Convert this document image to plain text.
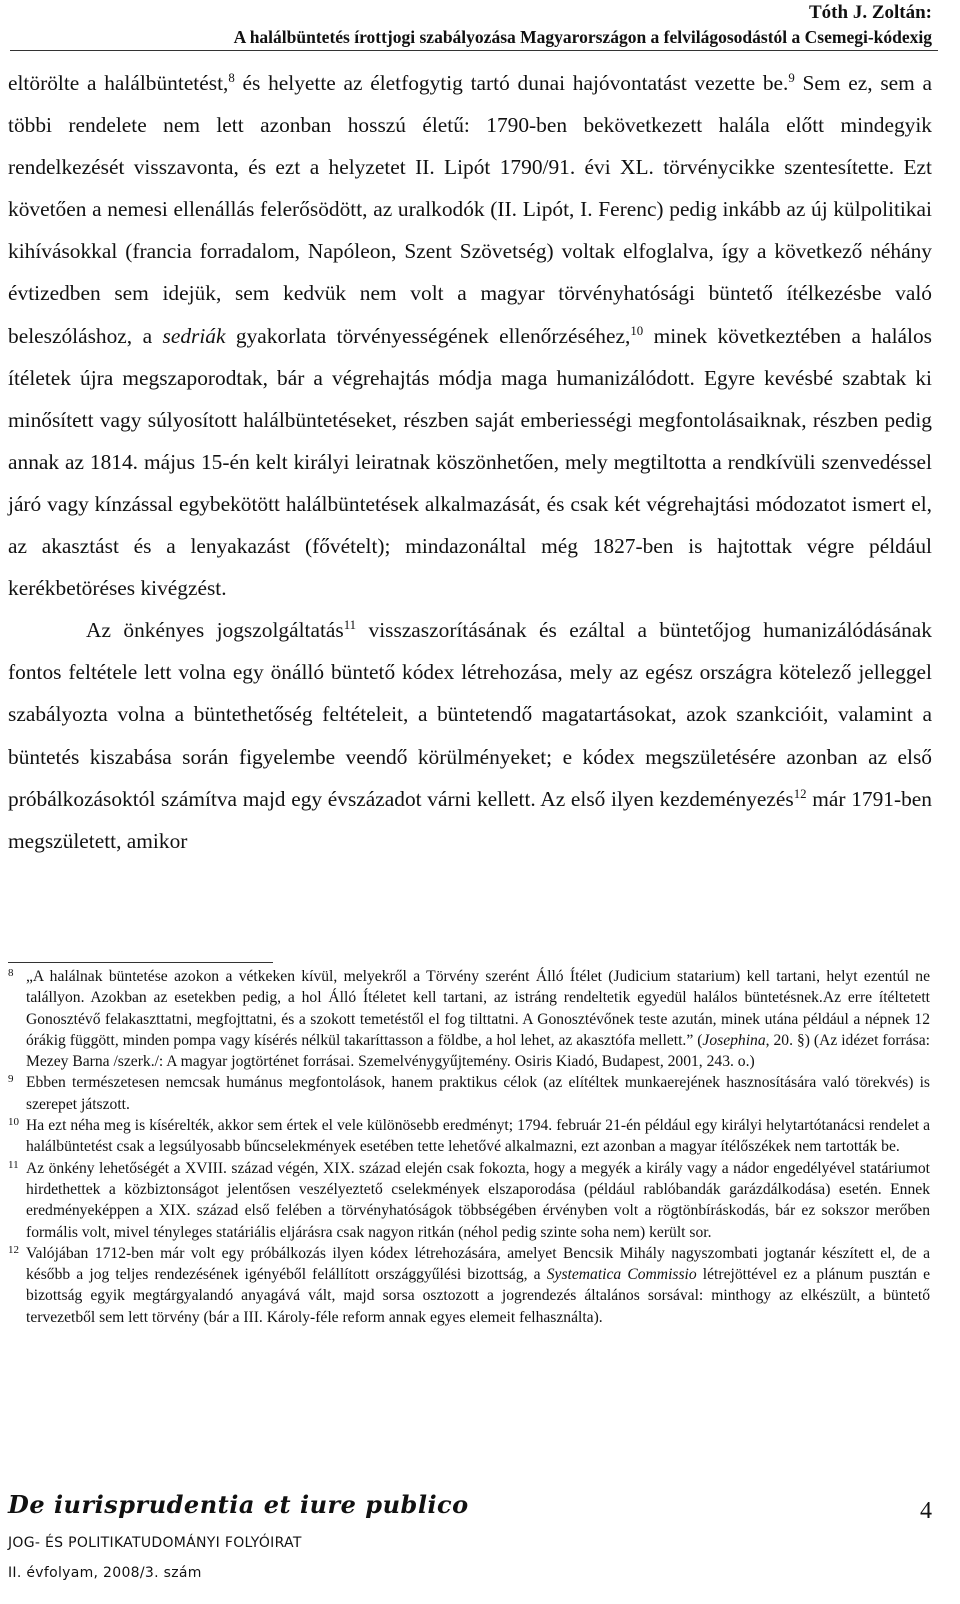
Tóth J. Zoltán:
A halálbüntetés írottjogi szabályozása Magyarországon a felvilágosodástól a Csemegi-kódexig

eltörölte a halálbüntetést,$^8$ és helyette az életfogytig tartó dunai hajóvontatást vezette be.$^9$ Sem ez, sem a többi rendelete nem lett azonban hosszú életű: 1790-ben bekövetkezett halála előtt mindegyik rendelkezését visszavonta, és ezt a helyzetet II. Lipót 1790/91. évi XL. törvénycikke szentesítette. Ezt követően a nemesi ellenállás felerősödött, az uralkodók (II. Lipót, I. Ferenc) pedig inkább az új külpolitikai kihívásokkal (francia forradalom, Napóleon, Szent Szövetség) voltak elfoglalva, így a következő néhány évtizedben sem idejük, sem kedvük nem volt a magyar törvényhatósági büntető ítélkezésbe való beleszóláshoz, a sedriák gyakorlata törvényességének ellenőrzéséhez,$^{10}$ minek következtében a halálos ítéletek újra megszaporodtak, bár a végrehajtás módja maga humanizálódott. Egyre kevésbé szabtak ki minősített vagy súlyosított halálbüntetéseket, részben saját emberiességi megfontolásaiknak, részben pedig annak az 1814. május 15-én kelt királyi leiratnak köszönhetően, mely megtiltotta a rendkívüli szenvedéssel járó vagy kínzással egybekötött halálbüntetések alkalmazását, és csak két végrehajtási módozatot ismert el, az akasztást és a lenyakazást (fővételt); mindazonáltal még 1827-ben is hajtottak végre például kerékbetöréses kivégzést.

Az önkényes jogszolgáltatás$^{11}$ visszaszorításának és ezáltal a büntetőjog humanizálódásának fontos feltétele lett volna egy önálló büntető kódex létrehozása, mely az egész országra kötelező jelleggel szabályozta volna a büntethetőség feltételeit, a büntetendő magatartásokat, azok szankcióit, valamint a büntetés kiszabása során figyelembe veendő körülményeket; e kódex megszületésére azonban az első próbálkozásoktól számítva majd egy évszázadot várni kellett. Az első ilyen kezdeményezés$^{12}$ már 1791-ben megszületett, amikor

8 „A halálnak büntetése azokon a vétkeken kívül, melyekről a Törvény szerént Álló Ítélet (Judicium statarium) kell tartani, helyt ezentúl ne talállyon. Azokban az esetekben pedig, a hol Álló Ítéletet kell tartani, az istráng rendeltetik egyedül halálos büntetésnek.Az erre ítéltetett Gonosztévő felakaszttatni, megfojttatni, és a szokott temetéstől el fog tilttatni. A Gonosztévőnek teste azután, minek utána például a népnek 12 órákig függött, minden pompa vagy kísérés nélkül takaríttasson a földbe, a hol lehet, az akasztófa mellett.” (Josephina, 20. §) (Az idézet forrása: Mezey Barna /szerk./: A magyar jogtörténet forrásai. Szemelvénygyűjtemény. Osiris Kiadó, Budapest, 2001, 243. o.)
9 Ebben természetesen nemcsak humánus megfontolások, hanem praktikus célok (az elítéltek munkaerejének hasznosítására való törekvés) is szerepet játszott.
10 Ha ezt néha meg is kísérelték, akkor sem értek el vele különösebb eredményt; 1794. február 21-én például egy királyi helytartótanácsi rendelet a halálbüntetést csak a legsúlyosabb bűncselekmények esetében tette lehetővé alkalmazni, ezt azonban a magyar ítélőszékek nem tartották be.
11 Az önkény lehetőségét a XVIII. század végén, XIX. század elején csak fokozta, hogy a megyék a király vagy a nádor engedélyével statáriumot hirdethettek a közbiztonságot jelentősen veszélyeztető cselekmények elszaporodása (például rablóbandák garázdálkodása) esetén. Ennek eredményeképpen a XIX. század első felében a törvényhatóságok többségében érvényben volt a rögtönbíráskodás, bár ez sokszor merőben formális volt, mivel tényleges statáriális eljárásra csak nagyon ritkán (néhol pedig szinte soha nem) került sor.
12 Valójában 1712-ben már volt egy próbálkozás ilyen kódex létrehozására, amelyet Bencsik Mihály nagyszombati jogtanár készített el, de a később a jog teljes rendezésének igényéből felállított országgyűlési bizottság, a Systematica Commissio létrejöttével ez a plánum pusztán e bizottság egyik megtárgyalandó anyagává vált, majd sorsa osztozott a jogrendezés általános sorsával: minthogy az elkészült, a büntető tervezetből sem lett törvény (bár a III. Károly-féle reform annak egyes elemeit felhasználta).
De iurisprudentia et iure publico	4
JOG- ÉS POLITIKATUDOMÁNYI FOLYÓIRAT
II. évfolyam, 2008/3. szám
